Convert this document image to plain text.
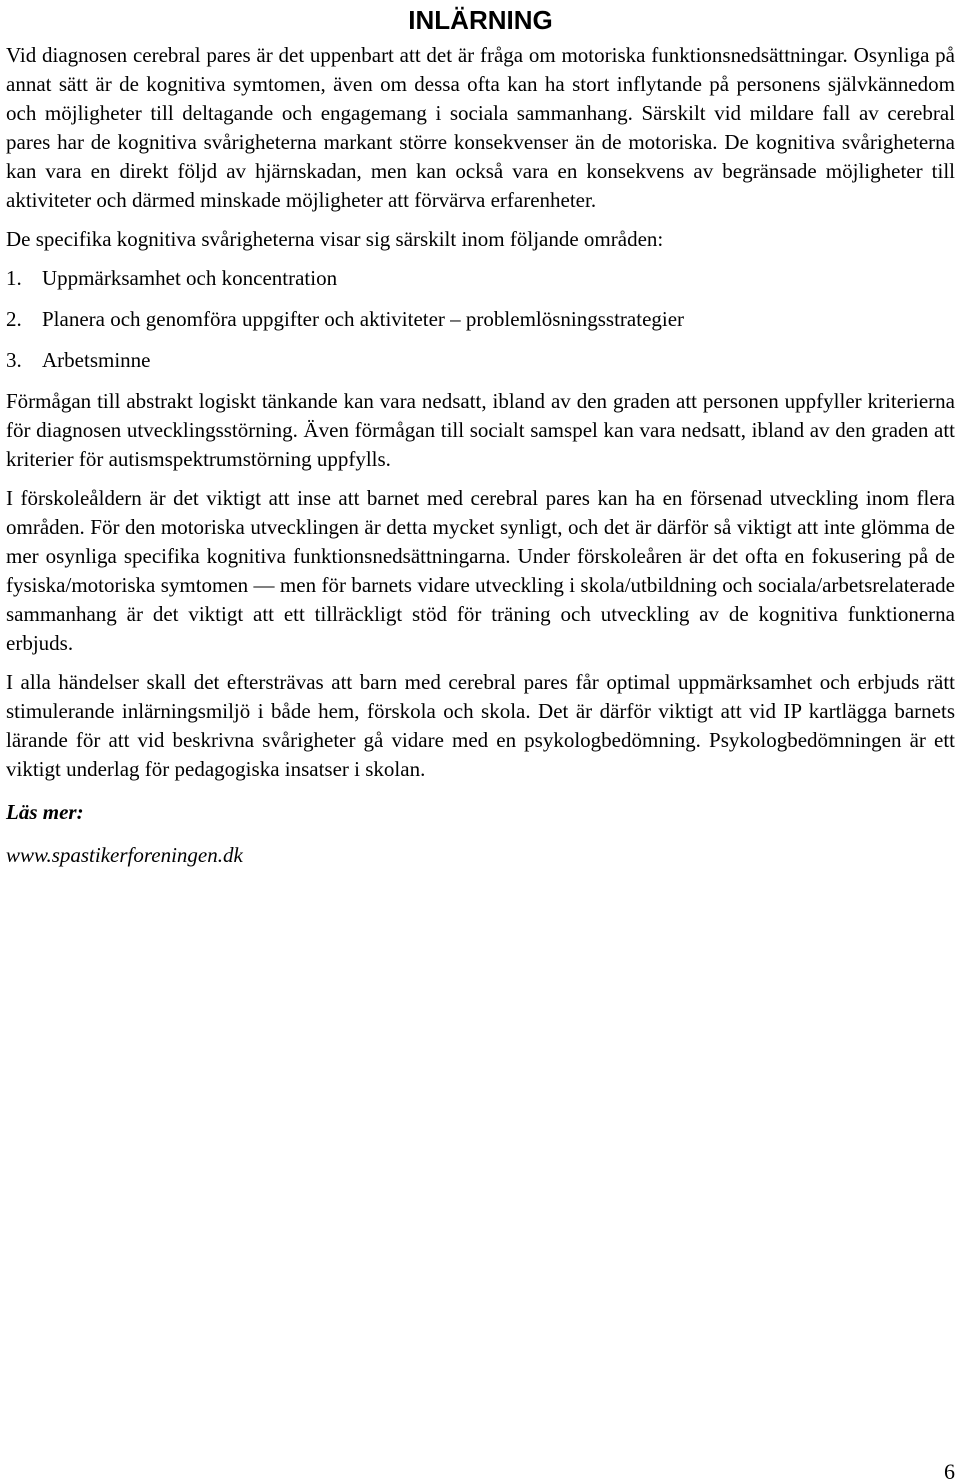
INLÄRNING

Vid diagnosen cerebral pares är det uppenbart att det är fråga om motoriska funktionsnedsättningar. Osynliga på annat sätt är de kognitiva symtomen, även om dessa ofta kan ha stort inflytande på personens självkännedom och möjligheter till deltagande och engagemang i sociala sammanhang. Särskilt vid mildare fall av cerebral pares har de kognitiva svårigheterna markant större konsekvenser än de motoriska. De kognitiva svårigheterna kan vara en direkt följd av hjärnskadan, men kan också vara en konsekvens av begränsade möjligheter till aktiviteter och därmed minskade möjligheter att förvärva erfarenheter.

De specifika kognitiva svårigheterna visar sig särskilt inom följande områden:

1. Uppmärksamhet och koncentration
2. Planera och genomföra uppgifter och aktiviteter – problemlösningsstrategier
3. Arbetsminne

Förmågan till abstrakt logiskt tänkande kan vara nedsatt, ibland av den graden att personen uppfyller kriterierna för diagnosen utvecklingsstörning. Även förmågan till socialt samspel kan vara nedsatt, ibland av den graden att kriterier för autismspektrumstörning uppfylls.

I förskoleåldern är det viktigt att inse att barnet med cerebral pares kan ha en försenad utveckling inom flera områden. För den motoriska utvecklingen är detta mycket synligt, och det är därför så viktigt att inte glömma de mer osynliga specifika kognitiva funktionsnedsättningarna. Under förskoleåren är det ofta en fokusering på de fysiska/motoriska symtomen — men för barnets vidare utveckling i skola/utbildning och sociala/arbetsrelaterade sammanhang är det viktigt att ett tillräckligt stöd för träning och utveckling av de kognitiva funktionerna erbjuds.

I alla händelser skall det eftersträvas att barn med cerebral pares får optimal uppmärksamhet och erbjuds rätt stimulerande inlärningsmiljö i både hem, förskola och skola. Det är därför viktigt att vid IP kartlägga barnets lärande för att vid beskrivna svårigheter gå vidare med en psykologbedömning. Psykologbedömningen är ett viktigt underlag för pedagogiska insatser i skolan.

Läs mer:
www.spastikerforeningen.dk
6
